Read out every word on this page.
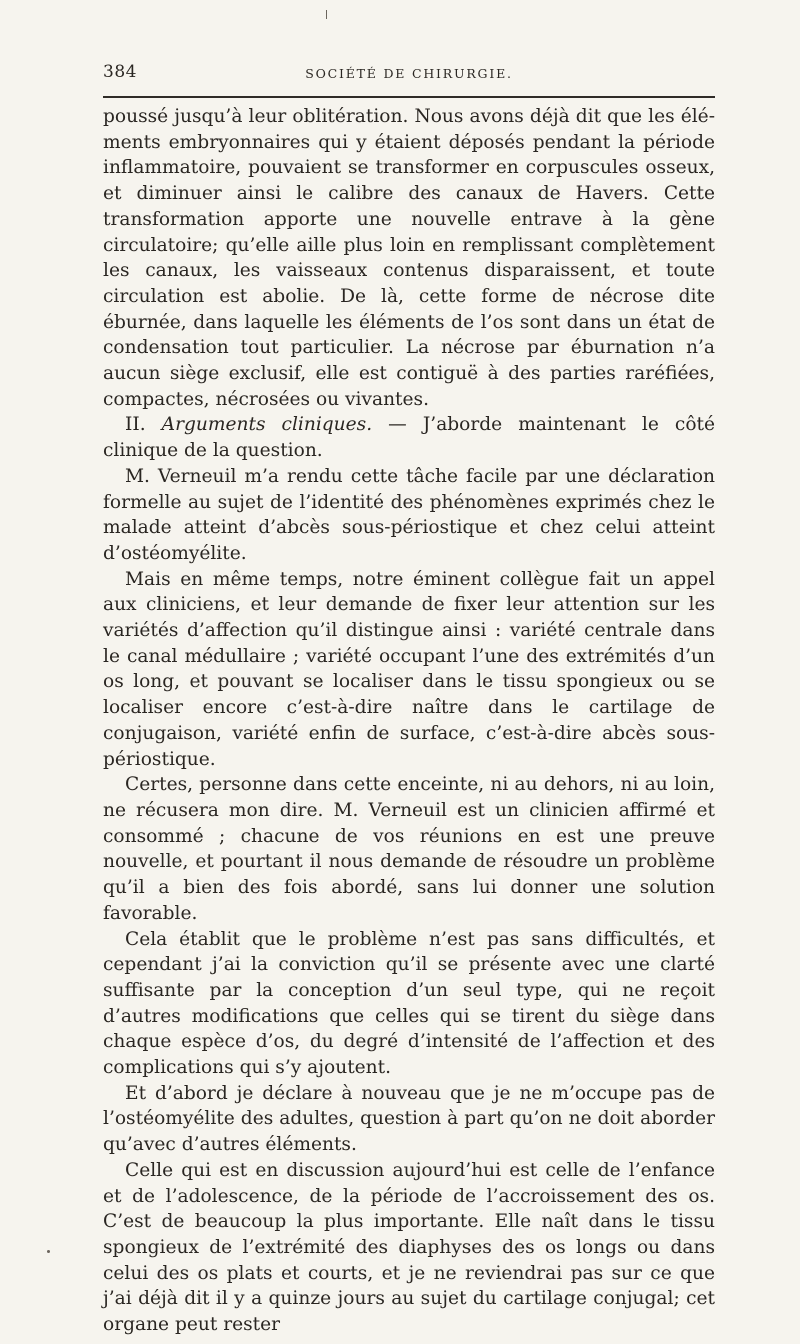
384	SOCIÉTÉ DE CHIRURGIE.

poussé jusqu’à leur oblitération. Nous avons déjà dit que les éléments embryonnaires qui y étaient déposés pendant la période inflammatoire, pouvaient se transformer en corpuscules osseux, et diminuer ainsi le calibre des canaux de Havers. Cette transformation apporte une nouvelle entrave à la gène circulatoire; qu’elle aille plus loin en remplissant complètement les canaux, les vaisseaux contenus disparaissent, et toute circulation est abolie. De là, cette forme de nécrose dite éburnée, dans laquelle les éléments de l’os sont dans un état de condensation tout particulier. La nécrose par éburnation n’a aucun siège exclusif, elle est contiguë à des parties raréfiées, compactes, nécrosées ou vivantes.

II. Arguments cliniques. — J’aborde maintenant le côté clinique de la question.

M. Verneuil m’a rendu cette tâche facile par une déclaration formelle au sujet de l’identité des phénomènes exprimés chez le malade atteint d’abcès sous-périostique et chez celui atteint d’ostéomyélite.

Mais en même temps, notre éminent collègue fait un appel aux cliniciens, et leur demande de fixer leur attention sur les variétés d’affection qu’il distingue ainsi : variété centrale dans le canal médullaire ; variété occupant l’une des extrémités d’un os long, et pouvant se localiser dans le tissu spongieux ou se localiser encore c’est-à-dire naître dans le cartilage de conjugaison, variété enfin de surface, c’est-à-dire abcès sous-périostique.

Certes, personne dans cette enceinte, ni au dehors, ni au loin, ne récusera mon dire. M. Verneuil est un clinicien affirmé et consommé ; chacune de vos réunions en est une preuve nouvelle, et pourtant il nous demande de résoudre un problème qu’il a bien des fois abordé, sans lui donner une solution favorable.

Cela établit que le problème n’est pas sans difficultés, et cependant j’ai la conviction qu’il se présente avec une clarté suffisante par la conception d’un seul type, qui ne reçoit d’autres modifications que celles qui se tirent du siège dans chaque espèce d’os, du degré d’intensité de l’affection et des complications qui s’y ajoutent.

Et d’abord je déclare à nouveau que je ne m’occupe pas de l’ostéomyélite des adultes, question à part qu’on ne doit aborder qu’avec d’autres éléments.

Celle qui est en discussion aujourd’hui est celle de l’enfance et de l’adolescence, de la période de l’accroissement des os. C’est de beaucoup la plus importante. Elle naît dans le tissu spongieux de l’extrémité des diaphyses des os longs ou dans celui des os plats et courts, et je ne reviendrai pas sur ce que j’ai déjà dit il y a quinze jours au sujet du cartilage conjugal; cet organe peut rester
